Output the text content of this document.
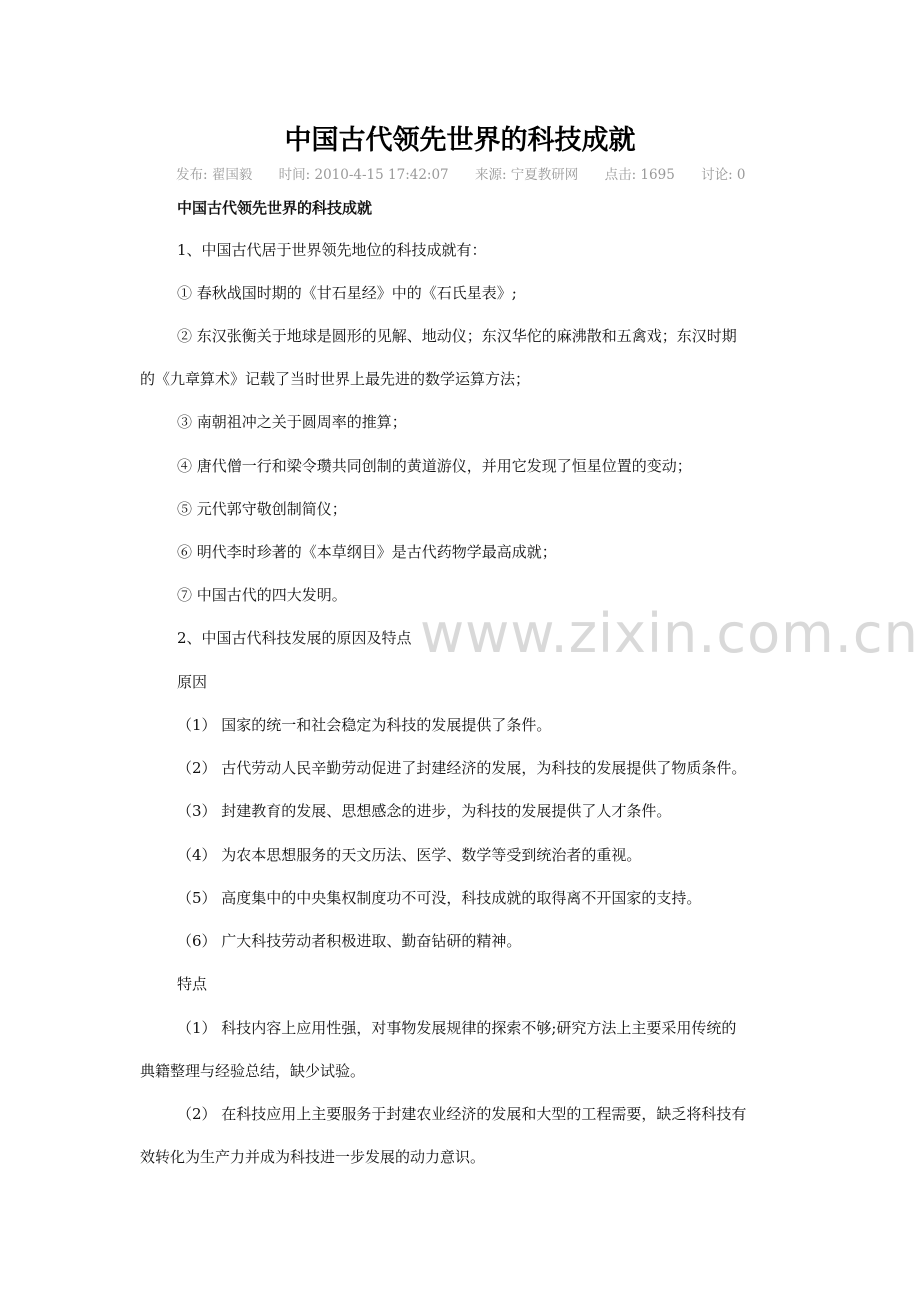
www.zixin.com.cn
中国古代领先世界的科技成就
发布: 翟国毅 时间: 2010-4-15 17:42:07 来源: 宁夏教研网 点击: 1695 讨论: 0
中国古代领先世界的科技成就
1、中国古代居于世界领先地位的科技成就有：
① 春秋战国时期的《甘石星经》中的《石氏星表》;
② 东汉张衡关于地球是圆形的见解、地动仪；东汉华佗的麻沸散和五禽戏；东汉时期
的《九章算术》记载了当时世界上最先进的数学运算方法；
③ 南朝祖冲之关于圆周率的推算；
④ 唐代僧一行和梁令瓒共同创制的黄道游仪，并用它发现了恒星位置的变动；
⑤ 元代郭守敬创制简仪；
⑥ 明代李时珍著的《本草纲目》是古代药物学最高成就；
⑦ 中国古代的四大发明。
2、中国古代科技发展的原因及特点
原因
（1） 国家的统一和社会稳定为科技的发展提供了条件。
（2） 古代劳动人民辛勤劳动促进了封建经济的发展，为科技的发展提供了物质条件。
（3） 封建教育的发展、思想感念的进步，为科技的发展提供了人才条件。
（4） 为农本思想服务的天文历法、医学、数学等受到统治者的重视。
（5） 高度集中的中央集权制度功不可没，科技成就的取得离不开国家的支持。
（6） 广大科技劳动者积极进取、勤奋钻研的精神。
特点
（1） 科技内容上应用性强，对事物发展规律的探索不够;研究方法上主要采用传统的
典籍整理与经验总结，缺少试验。
（2） 在科技应用上主要服务于封建农业经济的发展和大型的工程需要，缺乏将科技有
效转化为生产力并成为科技进一步发展的动力意识。
